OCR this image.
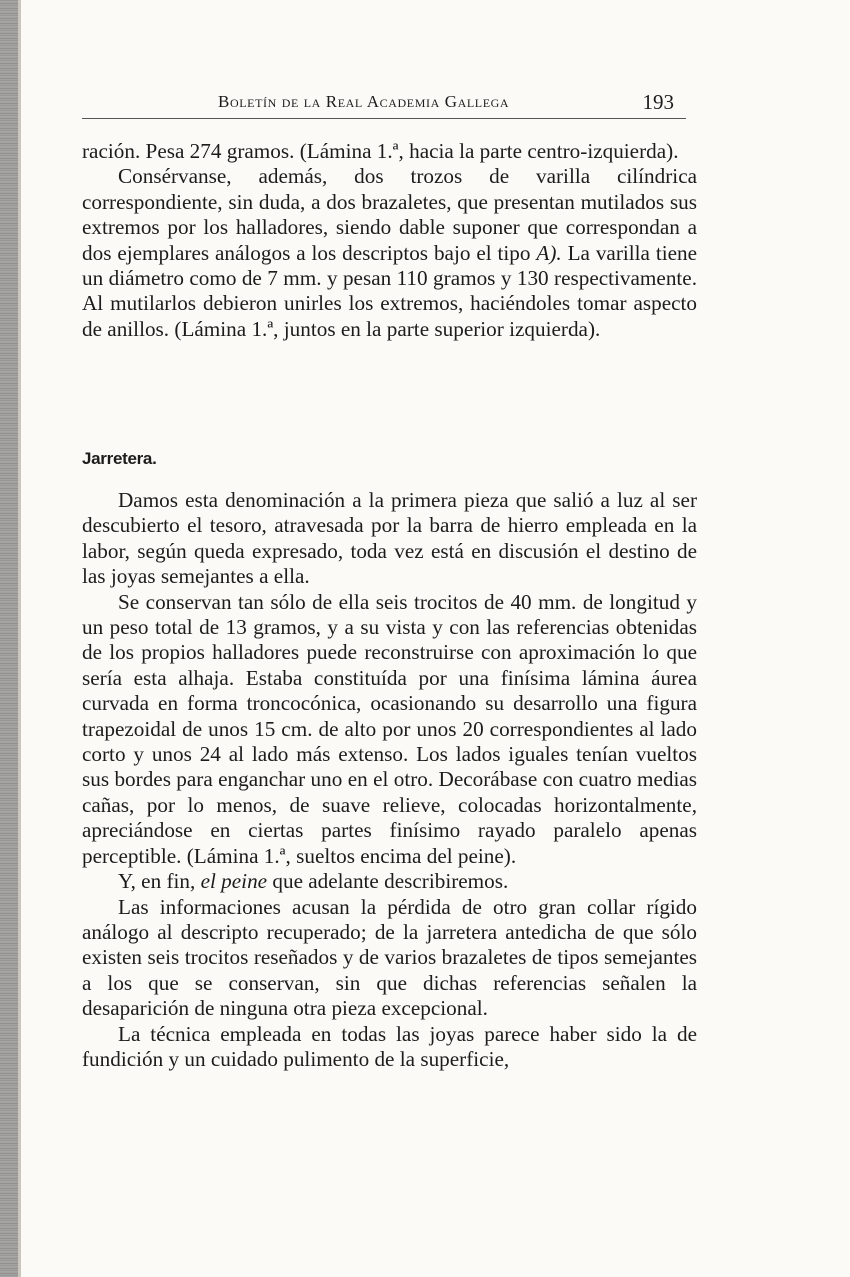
Boletín de la Real Academia Gallega	193

ración. Pesa 274 gramos. (Lámina 1.ª, hacia la parte centro-izquierda).

Consérvanse, además, dos trozos de varilla cilíndrica correspondiente, sin duda, a dos brazaletes, que presentan mutilados sus extremos por los halladores, siendo dable suponer que correspondan a dos ejemplares análogos a los descriptos bajo el tipo A). La varilla tiene un diámetro como de 7 mm. y pesan 110 gramos y 130 respectivamente. Al mutilarlos debieron unirles los extremos, haciéndoles tomar aspecto de anillos. (Lámina 1.ª, juntos en la parte superior izquierda).

Jarretera.

Damos esta denominación a la primera pieza que salió a luz al ser descubierto el tesoro, atravesada por la barra de hierro empleada en la labor, según queda expresado, toda vez está en discusión el destino de las joyas semejantes a ella.

Se conservan tan sólo de ella seis trocitos de 40 mm. de longitud y un peso total de 13 gramos, y a su vista y con las referencias obtenidas de los propios halladores puede reconstruirse con aproximación lo que sería esta alhaja. Estaba constituída por una finísima lámina áurea curvada en forma troncocónica, ocasionando su desarrollo una figura trapezoidal de unos 15 cm. de alto por unos 20 correspondientes al lado corto y unos 24 al lado más extenso. Los lados iguales tenían vueltos sus bordes para enganchar uno en el otro. Decorábase con cuatro medias cañas, por lo menos, de suave relieve, colocadas horizontalmente, apreciándose en ciertas partes finísimo rayado paralelo apenas perceptible. (Lámina 1.ª, sueltos encima del peine).

Y, en fin, el peine que adelante describiremos.

Las informaciones acusan la pérdida de otro gran collar rígido análogo al descripto recuperado; de la jarretera antedicha de que sólo existen seis trocitos reseñados y de varios brazaletes de tipos semejantes a los que se conservan, sin que dichas referencias señalen la desaparición de ninguna otra pieza excepcional.

La técnica empleada en todas las joyas parece haber sido la de fundición y un cuidado pulimento de la superficie,
